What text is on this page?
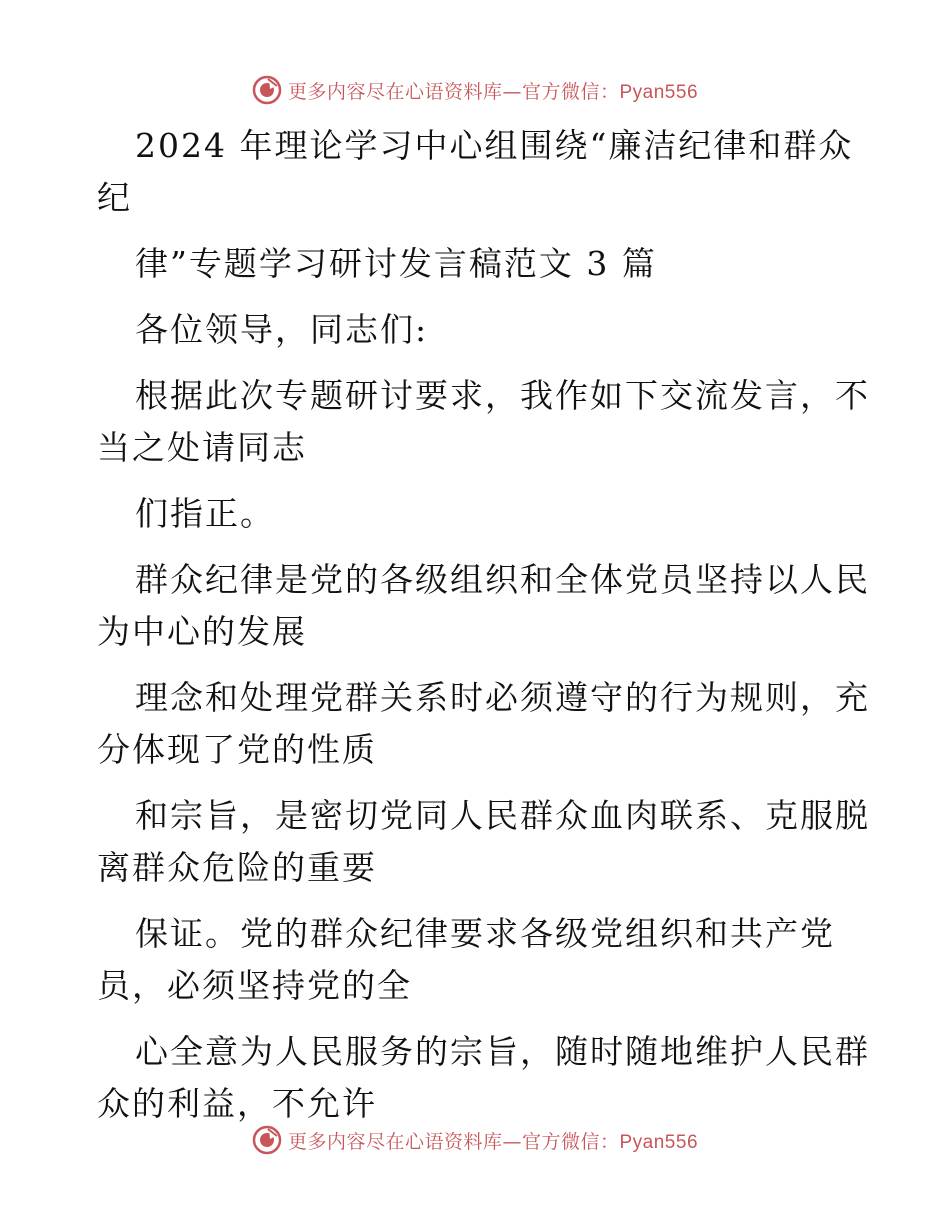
更多内容尽在心语资料库—官方微信：Pyan556
2024 年理论学习中心组围绕“廉洁纪律和群众
纪
律”专题学习研讨发言稿范文 3 篇
各位领导，同志们:
根据此次专题研讨要求，我作如下交流发言，不
当之处请同志
们指正。
群众纪律是党的各级组织和全体党员坚持以人民
为中心的发展
理念和处理党群关系时必须遵守的行为规则，充
分体现了党的性质
和宗旨，是密切党同人民群众血肉联系、克服脱
离群众危险的重要
保证。党的群众纪律要求各级党组织和共产党
员，必须坚持党的全
心全意为人民服务的宗旨，随时随地维护人民群
众的利益，不允许
更多内容尽在心语资料库—官方微信：Pyan556
